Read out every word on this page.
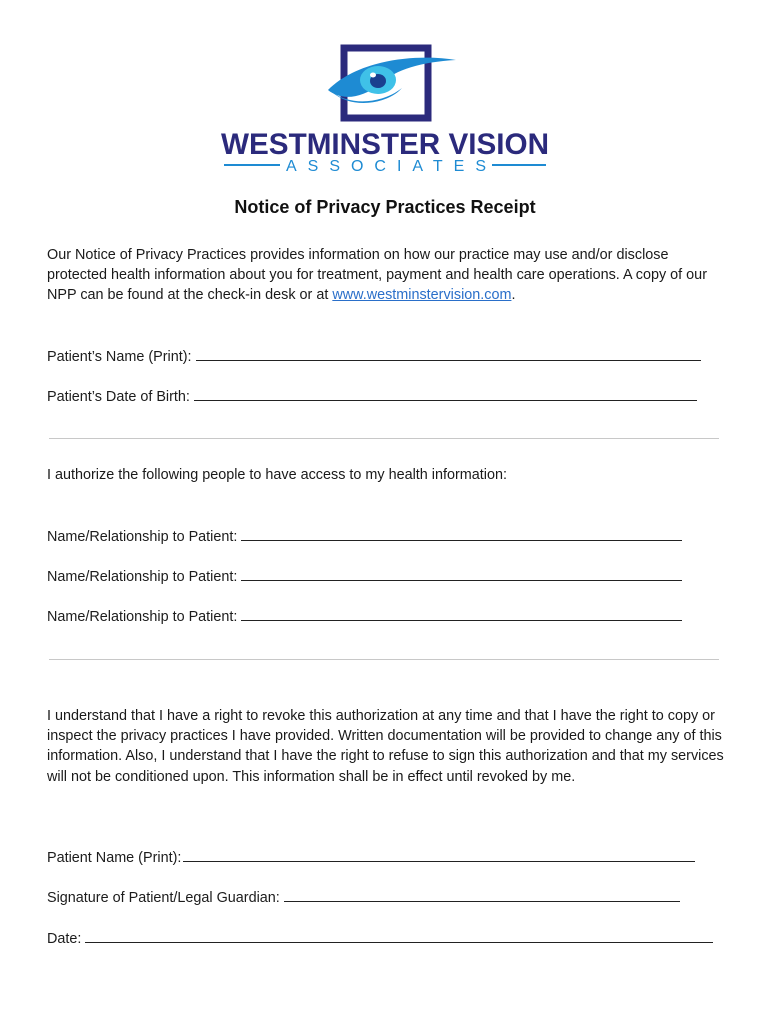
WESTMINSTER VISION
ASSOCIATES
Notice of Privacy Practices Receipt
Our Notice of Privacy Practices provides information on how our practice may use and/or disclose protected health information about you for treatment, payment and health care operations. A copy of our NPP can be found at the check-in desk or at www.westminstervision.com.
Patient’s Name (Print):
Patient’s Date of Birth:
I authorize the following people to have access to my health information:
Name/Relationship to Patient:
Name/Relationship to Patient:
Name/Relationship to Patient:
I understand that I have a right to revoke this authorization at any time and that I have the right to copy or inspect the privacy practices I have provided. Written documentation will be provided to change any of this information. Also, I understand that I have the right to refuse to sign this authorization and that my services will not be conditioned upon. This information shall be in effect until revoked by me.
Patient Name (Print):
Signature of Patient/Legal Guardian:
Date:
